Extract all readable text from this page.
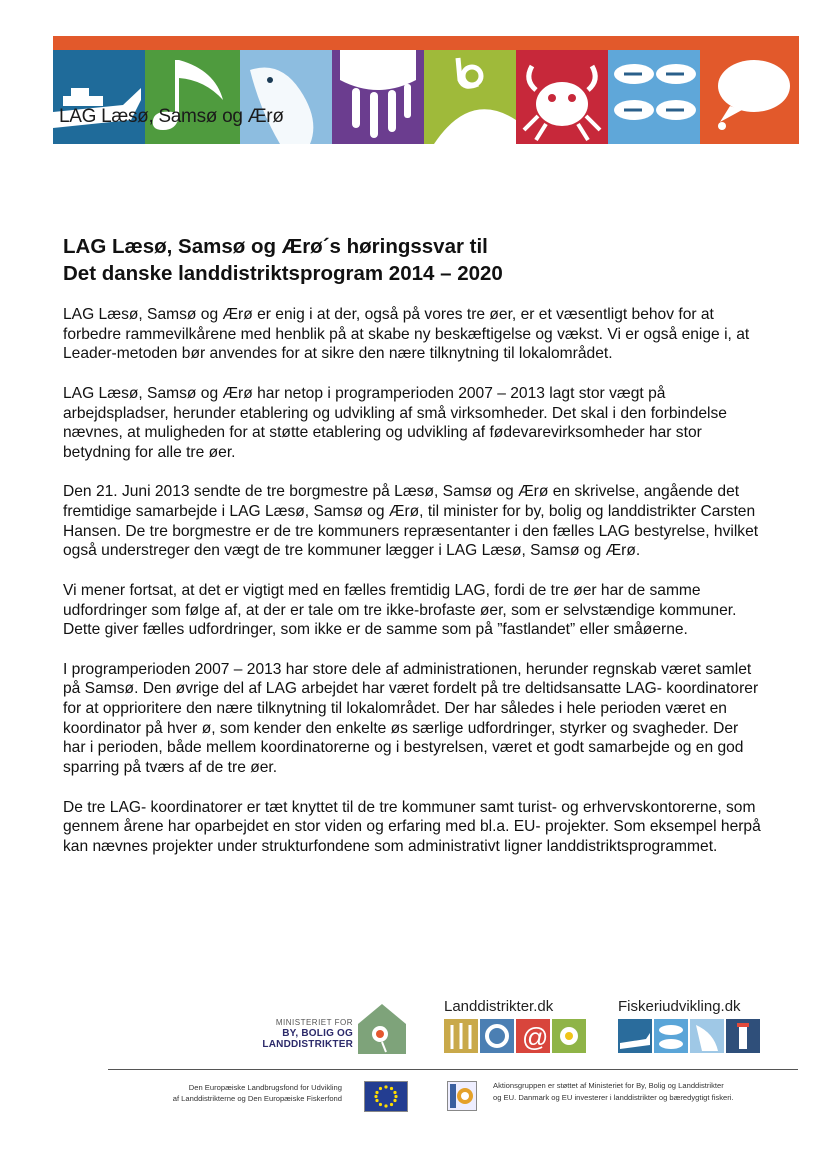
LAG Læsø, Samsø og Ærø
LAG Læsø, Samsø og Ærø´s høringssvar til
Det danske landdistriktsprogram 2014 – 2020

LAG Læsø, Samsø og Ærø er enig i at der, også på vores tre øer, er et væsentligt behov for at forbedre rammevilkårene med henblik på at skabe ny beskæftigelse og vækst. Vi er også enige i, at Leader-metoden bør anvendes for at sikre den nære tilknytning til lokalområdet.

LAG Læsø, Samsø og Ærø har netop i programperioden 2007 – 2013 lagt stor vægt på arbejdspladser, herunder etablering og udvikling af små virksomheder. Det skal i den forbindelse nævnes, at muligheden for at støtte etablering og udvikling af fødevarevirksomheder har stor betydning for alle tre øer.

Den 21. Juni 2013 sendte de tre borgmestre på Læsø, Samsø og Ærø en skrivelse, angående det fremtidige samarbejde i LAG Læsø, Samsø og Ærø, til minister for by, bolig og landdistrikter Carsten Hansen. De tre borgmestre er de tre kommuners repræsentanter i den fælles LAG bestyrelse, hvilket også understreger den vægt de tre kommuner lægger i LAG Læsø, Samsø og Ærø.

Vi mener fortsat, at det er vigtigt med en fælles fremtidig LAG, fordi de tre øer har de samme udfordringer som følge af, at der er tale om tre ikke-brofaste øer, som er selvstændige kommuner. Dette giver fælles udfordringer, som ikke er de samme som på ”fastlandet” eller småøerne.

I programperioden 2007 – 2013 har store dele af administrationen, herunder regnskab været samlet på Samsø. Den øvrige del af LAG arbejdet har været fordelt på tre deltidsansatte LAG- koordinatorer for at opprioritere den nære tilknytning til lokalområdet. Der har således i hele perioden været en koordinator på hver ø, som kender den enkelte øs særlige udfordringer, styrker og svagheder. Der har i perioden, både mellem koordinatorerne og i bestyrelsen, været et godt samarbejde og en god sparring på tværs af de tre øer.

De tre LAG- koordinatorer er tæt knyttet til de tre kommuner samt turist- og erhvervskontorerne, som gennem årene har oparbejdet en stor viden og erfaring med bl.a. EU- projekter. Som eksempel herpå kan nævnes projekter under strukturfondene som administrativt ligner landdistriktsprogrammet.

MINISTERIET FOR
BY, BOLIG OG
LANDDISTRIKTER
Landdistrikter.dk
@
Fiskeriudvikling.dk
Den Europæiske Landbrugsfond for Udvikling
af Landdistrikterne og Den Europæiske Fiskerfond
Aktionsgruppen er støttet af Ministeriet for By, Bolig og Landdistrikter
og EU. Danmark og EU investerer i landdistrikter og bæredygtigt fiskeri.
